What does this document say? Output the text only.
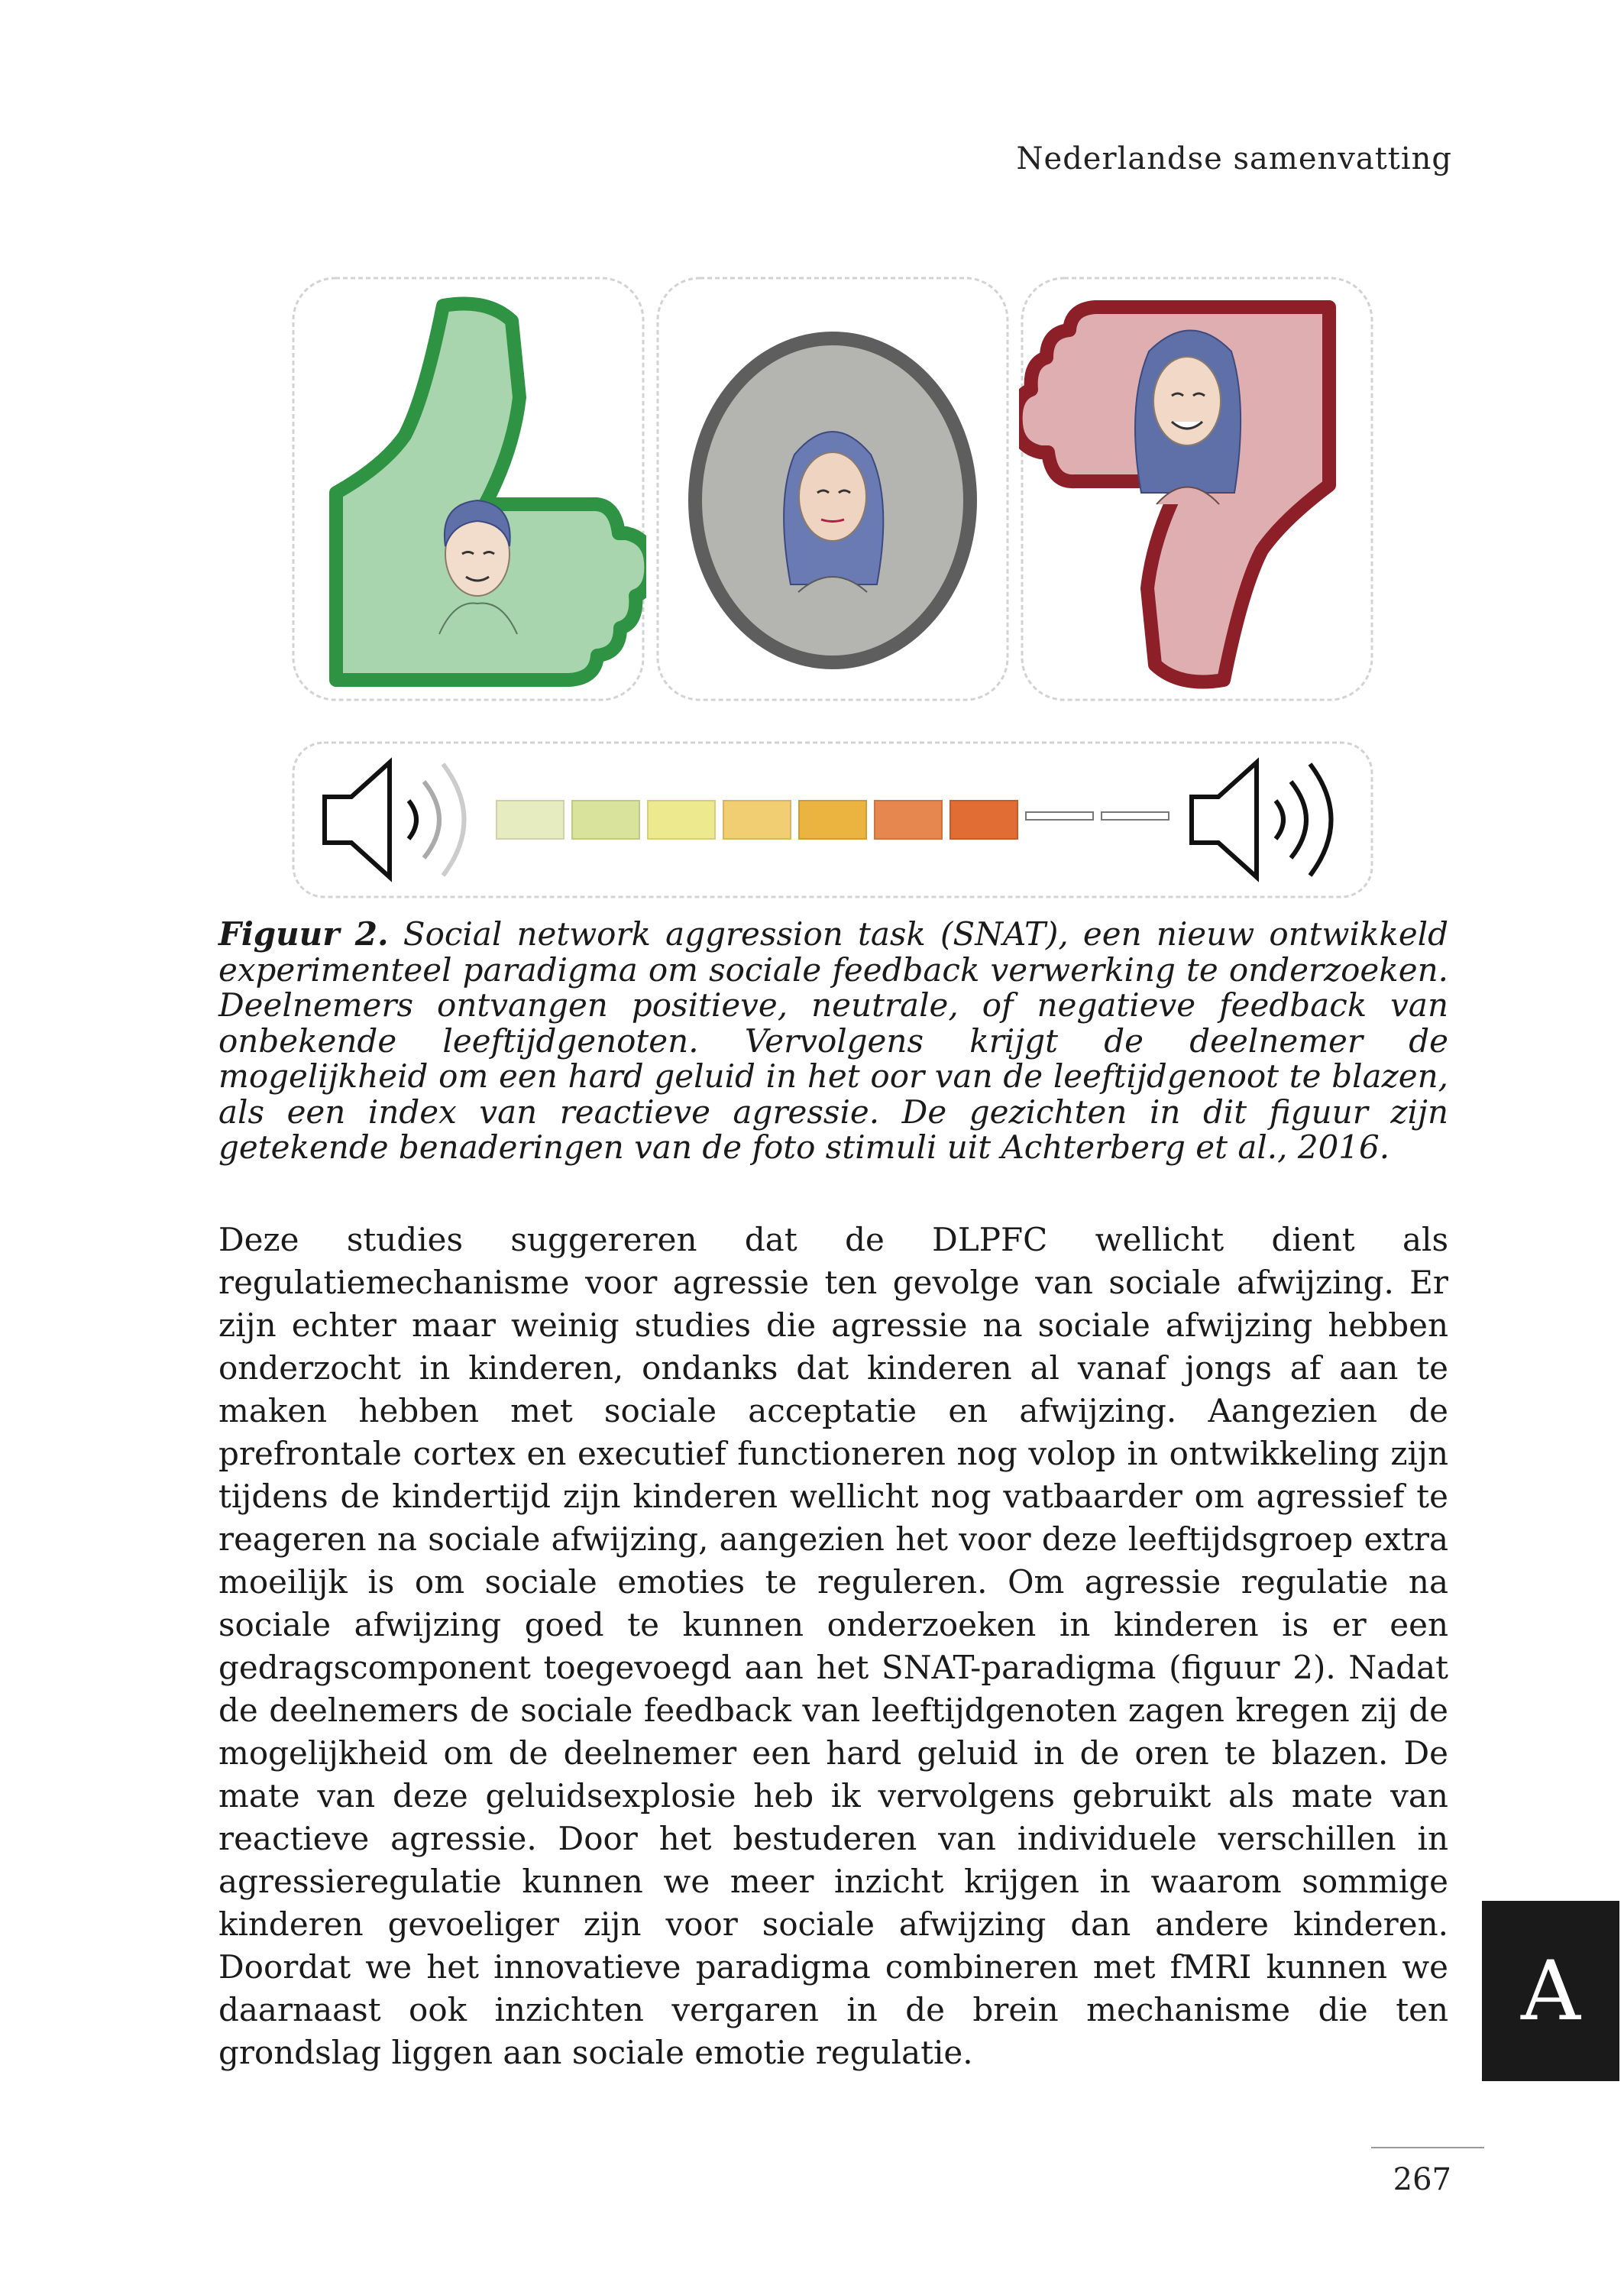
Nederlandse samenvatting
Figuur 2. Social network aggression task (SNAT), een nieuw ontwikkeld experimenteel paradigma om sociale feedback verwerking te onderzoeken. Deelnemers ontvangen positieve, neutrale, of negatieve feedback van onbekende leeftijdgenoten. Vervolgens krijgt de deelnemer de mogelijkheid om een hard geluid in het oor van de leeftijdgenoot te blazen, als een index van reactieve agressie. De gezichten in dit figuur zijn getekende benaderingen van de foto stimuli uit Achterberg et al., 2016.

Deze studies suggereren dat de DLPFC wellicht dient als regulatiemechanisme voor agressie ten gevolge van sociale afwijzing. Er zijn echter maar weinig studies die agressie na sociale afwijzing hebben onderzocht in kinderen, ondanks dat kinderen al vanaf jongs af aan te maken hebben met sociale acceptatie en afwijzing. Aangezien de prefrontale cortex en executief functioneren nog volop in ontwikkeling zijn tijdens de kindertijd zijn kinderen wellicht nog vatbaarder om agressief te reageren na sociale afwijzing, aangezien het voor deze leeftijdsgroep extra moeilijk is om sociale emoties te reguleren. Om agressie regulatie na sociale afwijzing goed te kunnen onderzoeken in kinderen is er een gedragscomponent toegevoegd aan het SNAT-paradigma (figuur 2). Nadat de deelnemers de sociale feedback van leeftijdgenoten zagen kregen zij de mogelijkheid om de deelnemer een hard geluid in de oren te blazen. De mate van deze geluidsexplosie heb ik vervolgens gebruikt als mate van reactieve agressie. Door het bestuderen van individuele verschillen in agressieregulatie kunnen we meer inzicht krijgen in waarom sommige kinderen gevoeliger zijn voor sociale afwijzing dan andere kinderen. Doordat we het innovatieve paradigma combineren met fMRI kunnen we daarnaast ook inzichten vergaren in de brein mechanisme die ten grondslag liggen aan sociale emotie regulatie.

A
267
